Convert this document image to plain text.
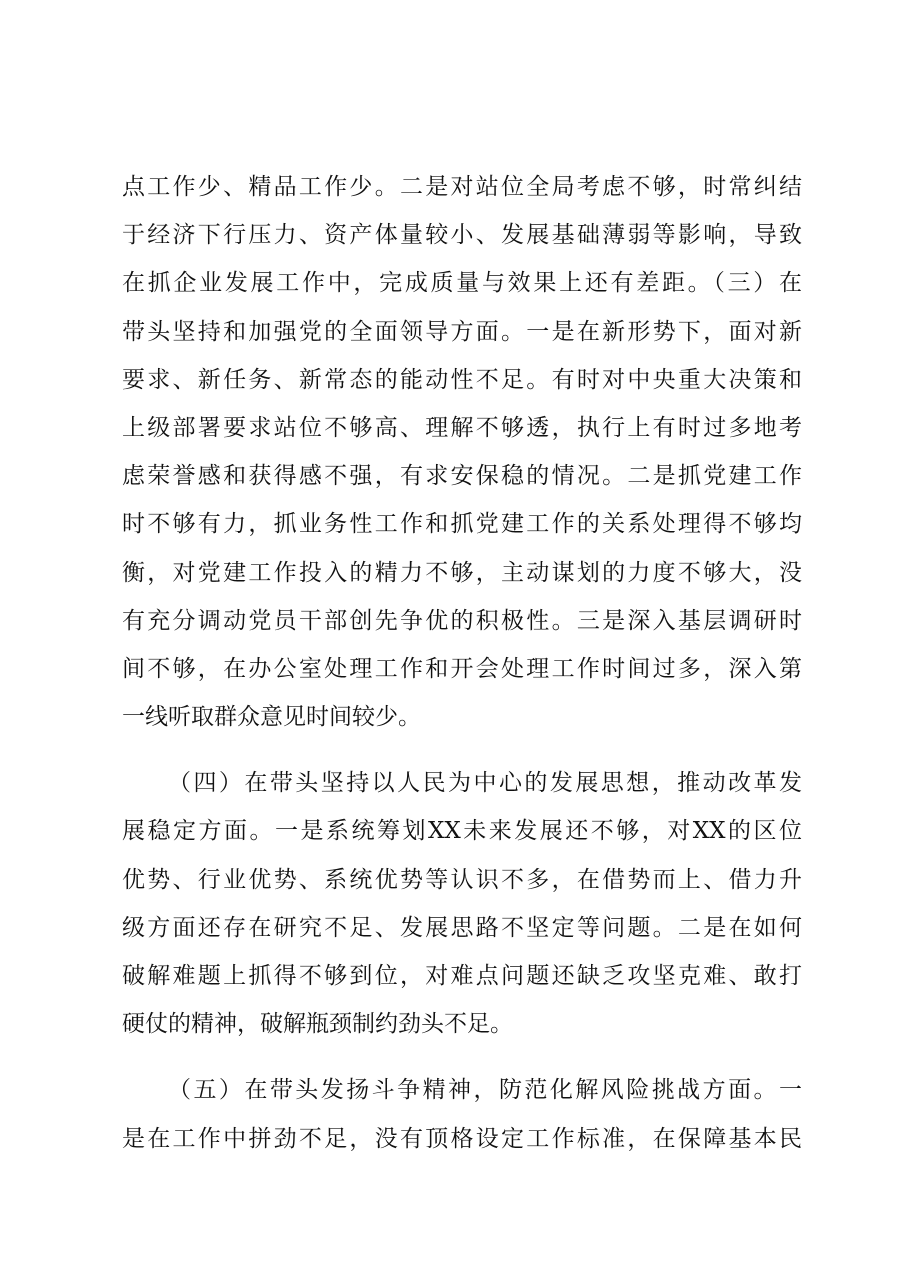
点工作少、精品工作少。二是对站位全局考虑不够，时常纠结
于经济下行压力、资产体量较小、发展基础薄弱等影响，导致
在抓企业发展工作中，完成质量与效果上还有差距。（三）在
带头坚持和加强党的全面领导方面。一是在新形势下，面对新
要求、新任务、新常态的能动性不足。有时对中央重大决策和
上级部署要求站位不够高、理解不够透，执行上有时过多地考
虑荣誉感和获得感不强，有求安保稳的情况。二是抓党建工作
时不够有力，抓业务性工作和抓党建工作的关系处理得不够均
衡，对党建工作投入的精力不够，主动谋划的力度不够大，没
有充分调动党员干部创先争优的积极性。三是深入基层调研时
间不够，在办公室处理工作和开会处理工作时间过多，深入第
一线听取群众意见时间较少。
（四）在带头坚持以人民为中心的发展思想，推动改革发
展稳定方面。一是系统筹划XX未来发展还不够，对XX的区位
优势、行业优势、系统优势等认识不多，在借势而上、借力升
级方面还存在研究不足、发展思路不坚定等问题。二是在如何
破解难题上抓得不够到位，对难点问题还缺乏攻坚克难、敢打
硬仗的精神，破解瓶颈制约劲头不足。
（五）在带头发扬斗争精神，防范化解风险挑战方面。一
是在工作中拼劲不足，没有顶格设定工作标准，在保障基本民
